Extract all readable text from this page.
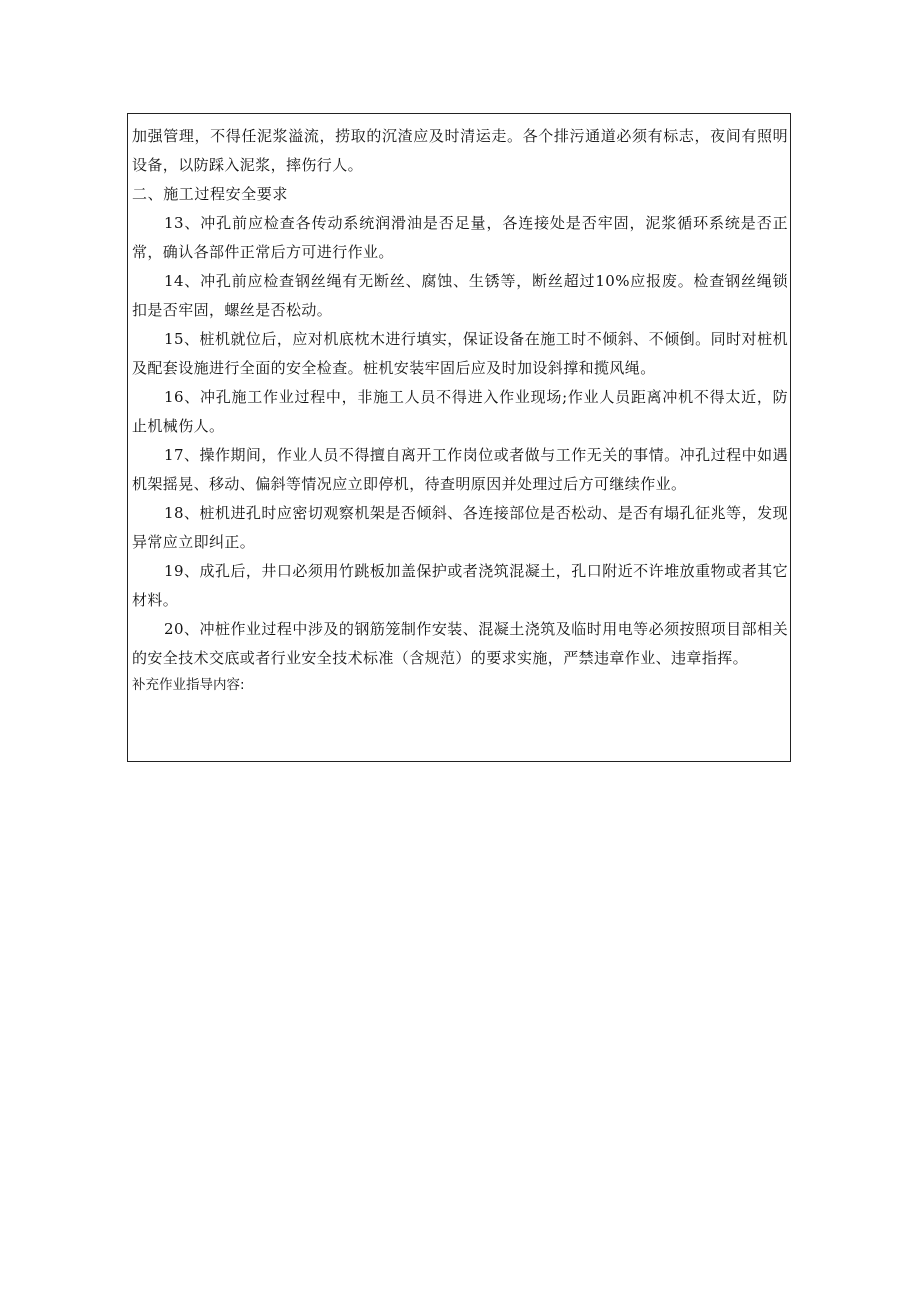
加强管理，不得任泥浆溢流，捞取的沉渣应及时清运走。各个排污通道必须有标志，夜间有照明设备，以防踩入泥浆，摔伤行人。

二、施工过程安全要求

13、冲孔前应检查各传动系统润滑油是否足量，各连接处是否牢固，泥浆循环系统是否正常，确认各部件正常后方可进行作业。

14、冲孔前应检查钢丝绳有无断丝、腐蚀、生锈等，断丝超过10%应报废。检查钢丝绳锁扣是否牢固，螺丝是否松动。

15、桩机就位后，应对机底枕木进行填实，保证设备在施工时不倾斜、不倾倒。同时对桩机及配套设施进行全面的安全检查。桩机安装牢固后应及时加设斜撑和揽风绳。

16、冲孔施工作业过程中，非施工人员不得进入作业现场;作业人员距离冲机不得太近，防止机械伤人。

17、操作期间，作业人员不得擅自离开工作岗位或者做与工作无关的事情。冲孔过程中如遇机架摇晃、移动、偏斜等情况应立即停机，待查明原因并处理过后方可继续作业。

18、桩机进孔时应密切观察机架是否倾斜、各连接部位是否松动、是否有塌孔征兆等，发现异常应立即纠正。

19、成孔后，井口必须用竹跳板加盖保护或者浇筑混凝土，孔口附近不许堆放重物或者其它材料。

20、冲桩作业过程中涉及的钢筋笼制作安装、混凝土浇筑及临时用电等必须按照项目部相关的安全技术交底或者行业安全技术标准（含规范）的要求实施，严禁违章作业、违章指挥。

补充作业指导内容:
